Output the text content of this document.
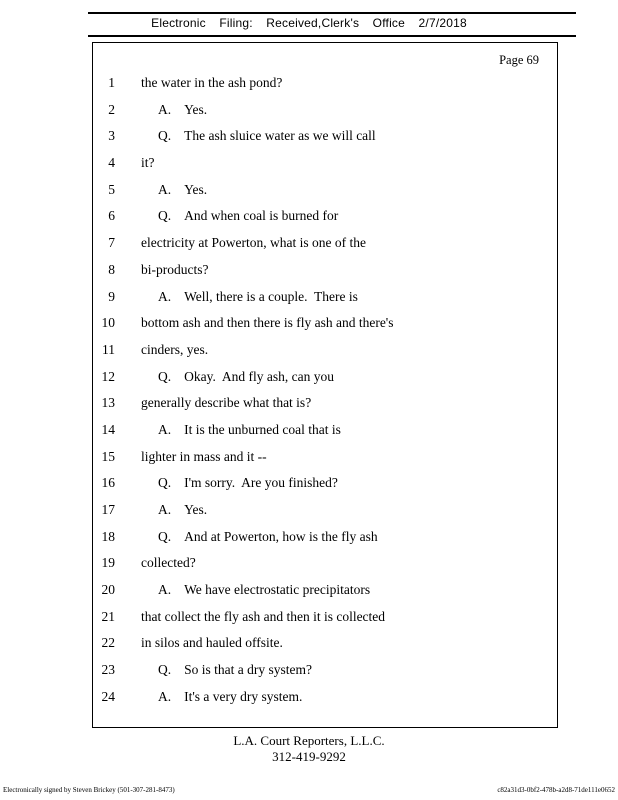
Electronic Filing: Received,Clerk's Office 2/7/2018
Page 69
1 the water in the ash pond?
2	A. Yes.
3	Q. The ash sluice water as we will call
4 it?
5	A. Yes.
6	Q. And when coal is burned for
7 electricity at Powerton, what is one of the
8 bi-products?
9	A. Well, there is a couple.  There is
10 bottom ash and then there is fly ash and there's
11 cinders, yes.
12	Q. Okay.  And fly ash, can you
13 generally describe what that is?
14	A. It is the unburned coal that is
15 lighter in mass and it --
16	Q. I'm sorry.  Are you finished?
17	A. Yes.
18	Q. And at Powerton, how is the fly ash
19 collected?
20	A. We have electrostatic precipitators
21 that collect the fly ash and then it is collected
22 in silos and hauled offsite.
23	Q. So is that a dry system?
24	A. It's a very dry system.
L.A. Court Reporters, L.L.C.
312-419-9292
Electronically signed by Steven Brickey (501-307-281-8473)	c82a31d3-0bf2-478b-a2d8-71de111e0652
